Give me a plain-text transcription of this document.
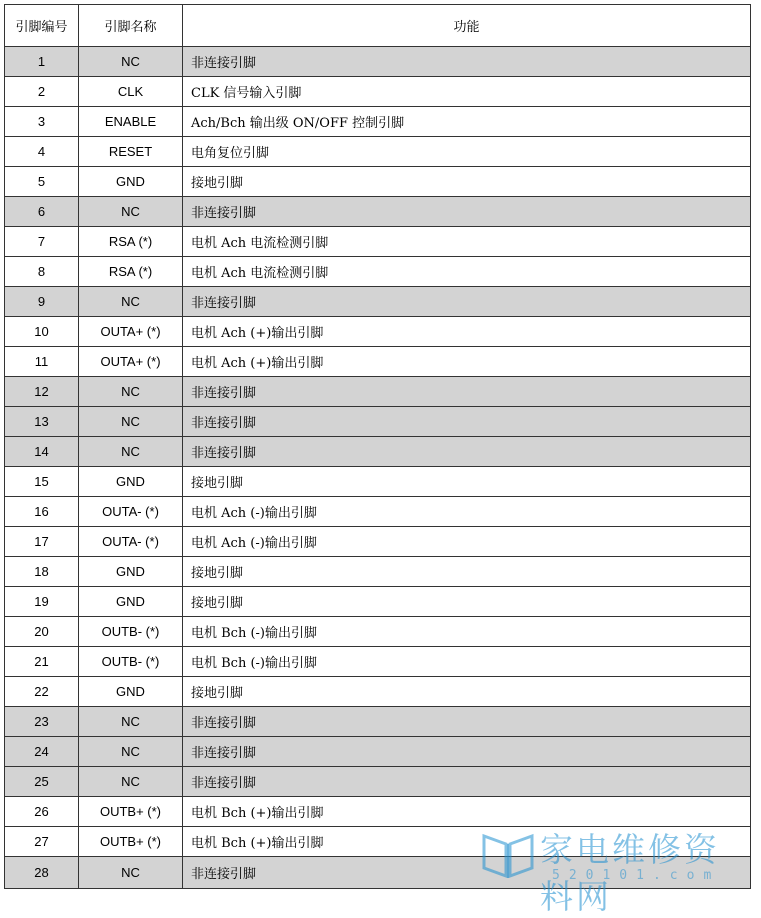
引脚编号	引脚名称	功能
1	NC	非连接引脚
2	CLK	CLK 信号输入引脚
3	ENABLE	Ach/Bch 输出级 ON/OFF 控制引脚
4	RESET	电角复位引脚
5	GND	接地引脚
6	NC	非连接引脚
7	RSA (*)	电机 Ach 电流检测引脚
8	RSA (*)	电机 Ach 电流检测引脚
9	NC	非连接引脚
10	OUTA+ (*)	电机 Ach (+)输出引脚
11	OUTA+ (*)	电机 Ach (+)输出引脚
12	NC	非连接引脚
13	NC	非连接引脚
14	NC	非连接引脚
15	GND	接地引脚
16	OUTA- (*)	电机 Ach (-)输出引脚
17	OUTA- (*)	电机 Ach (-)输出引脚
18	GND	接地引脚
19	GND	接地引脚
20	OUTB- (*)	电机 Bch (-)输出引脚
21	OUTB- (*)	电机 Bch (-)输出引脚
22	GND	接地引脚
23	NC	非连接引脚
24	NC	非连接引脚
25	NC	非连接引脚
26	OUTB+ (*)	电机 Bch (+)输出引脚
27	OUTB+ (*)	电机 Bch (+)输出引脚
28	NC	非连接引脚
家电维修资料网
520101.com
